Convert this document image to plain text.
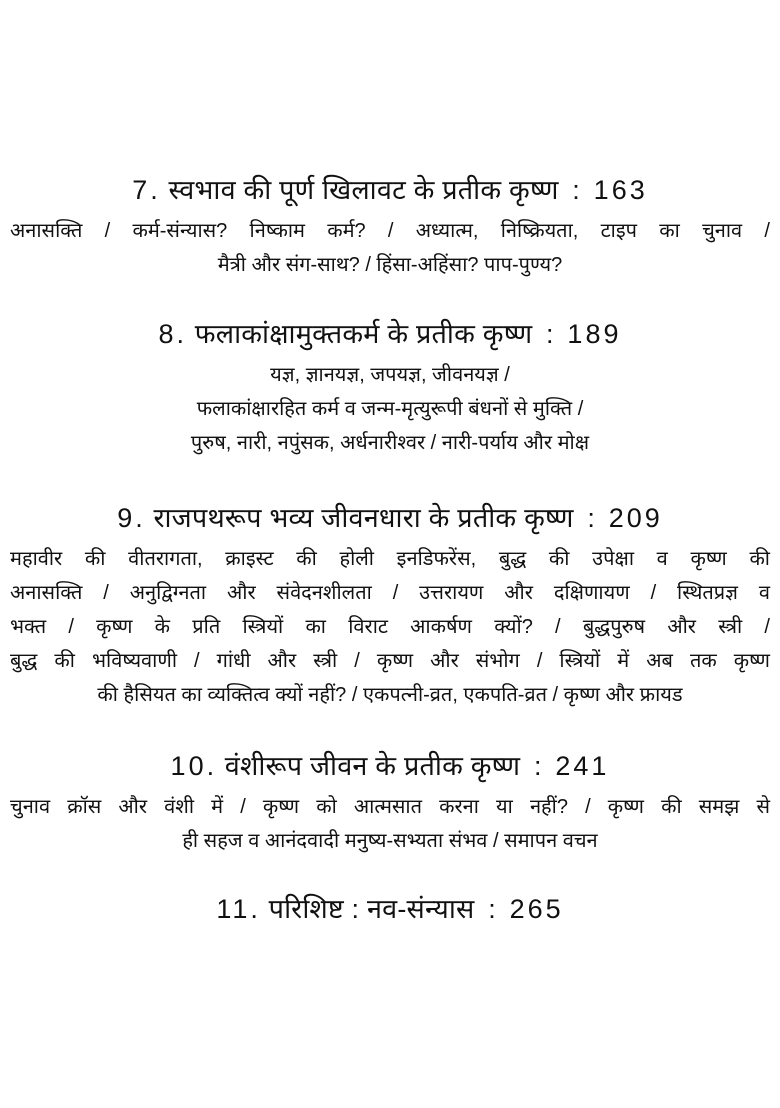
7. स्वभाव की पूर्ण खिलावट के प्रतीक कृष्ण : 163
अनासक्ति / कर्म-संन्यास? निष्काम कर्म? / अध्यात्म, निष्क्रियता, टाइप का चुनाव /
मैत्री और संग-साथ? / हिंसा-अहिंसा? पाप-पुण्य?
8. फलाकांक्षामुक्तकर्म के प्रतीक कृष्ण : 189
यज्ञ, ज्ञानयज्ञ, जपयज्ञ, जीवनयज्ञ /
फलाकांक्षारहित कर्म व जन्म-मृत्युरूपी बंधनों से मुक्ति /
पुरुष, नारी, नपुंसक, अर्धनारीश्वर / नारी-पर्याय और मोक्ष
9. राजपथरूप भव्य जीवनधारा के प्रतीक कृष्ण : 209
महावीर की वीतरागता, क्राइस्ट की होली इनडिफरेंस, बुद्ध की उपेक्षा व कृष्ण की
अनासक्ति / अनुद्विग्नता और संवेदनशीलता / उत्तरायण और दक्षिणायण / स्थितप्रज्ञ व
भक्त / कृष्ण के प्रति स्त्रियों का विराट आकर्षण क्यों? / बुद्धपुरुष और स्त्री /
बुद्ध की भविष्यवाणी / गांधी और स्त्री / कृष्ण और संभोग / स्त्रियों में अब तक कृष्ण
की हैसियत का व्यक्तित्व क्यों नहीं? / एकपत्नी-व्रत, एकपति-व्रत / कृष्ण और फ्रायड
10. वंशीरूप जीवन के प्रतीक कृष्ण : 241
चुनाव क्रॉस और वंशी में / कृष्ण को आत्मसात करना या नहीं? / कृष्ण की समझ से
ही सहज व आनंदवादी मनुष्य-सभ्यता संभव / समापन वचन
11. परिशिष्ट : नव-संन्यास : 265
